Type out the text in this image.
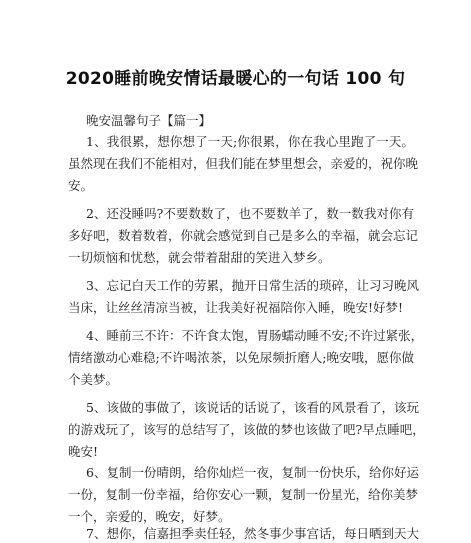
2020睡前晚安情话最暖心的一句话 100 句
晚安温馨句子【篇一】
1、我很累，想你想了一天;你很累，你在我心里跑了一天。
虽然现在我们不能相对，但我们能在梦里想会，亲爱的，祝你晚
安。
2、还没睡吗?不要数数了，也不要数羊了，数一数我对你有
多好吧，数着数着，你就会感觉到自己是多么的幸福，就会忘记
一切烦恼和忧愁，就会带着甜甜的笑进入梦乡。
3、忘记白天工作的劳累，抛开日常生活的琐碎，让习习晚风
当床，让丝丝清凉当被，让我美好祝福陪你入睡，晚安!好梦!
4、睡前三不许：不许食太饱，胃肠蠕动睡不安;不许过紧张，
情绪激动心难稳;不许喝浓茶，以免尿频折磨人;晚安哦，愿你做
个美梦。
5、该做的事做了，该说话的话说了，该看的风景看了，该玩
的游戏玩了，该写的总结写了，该做的梦也该做了吧?早点睡吧，
晚安!
6、复制一份晴朗，给你灿烂一夜，复制一份快乐，给你好运
一份，复制一份幸福，给你安心一颗，复制一份星光，给你美梦
一个，亲爱的，晚安，好梦。
7、想你，信嘉担季卖任轻，然冬事少事宫话，每日晒到天大
